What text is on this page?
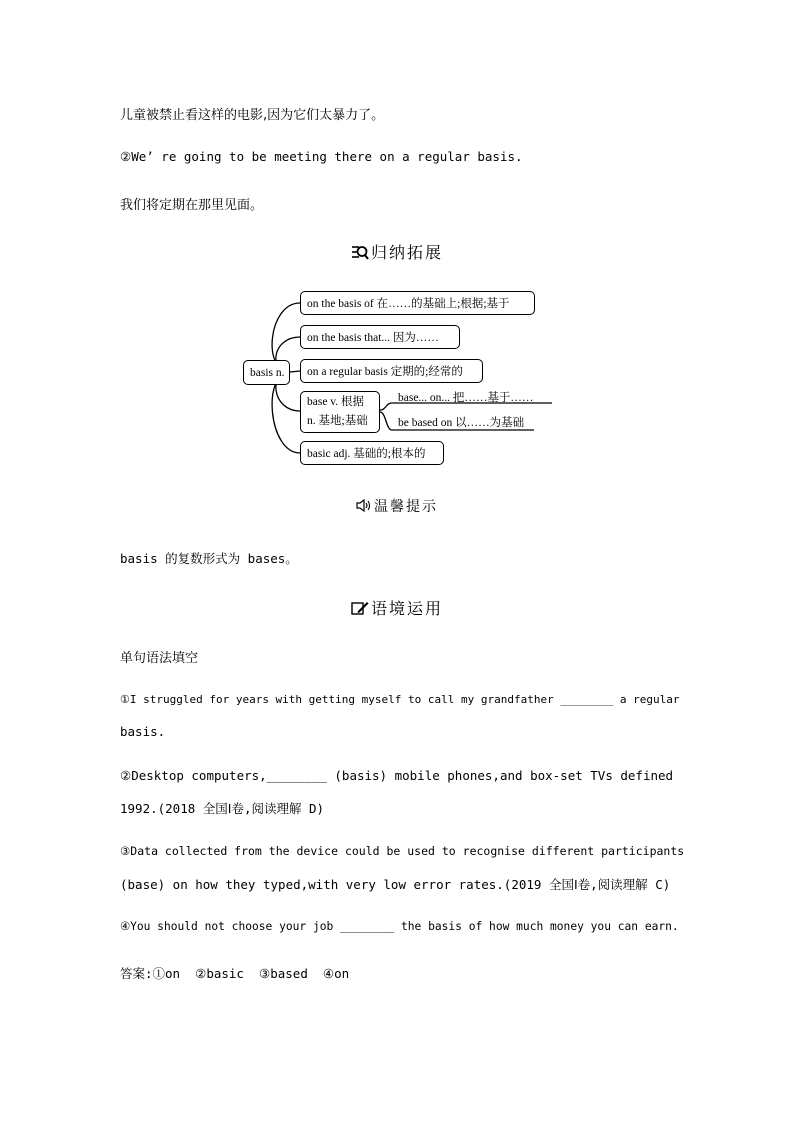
儿童被禁止看这样的电影,因为它们太暴力了。
②We’ re going to be meeting there on a regular basis.
我们将定期在那里见面。
归纳拓展
basis n.
on the basis of 在……的基础上;根据;基于
on the basis that... 因为……
on a regular basis 定期的;经常的
base v. 根据
n. 基地;基础
base... on... 把……基于……
be based on 以……为基础
basic adj. 基础的;根本的
温馨提示
basis 的复数形式为 bases。
语境运用
单句语法填空
①I struggled for years with getting myself to call my grandfather ________ a regular
basis.
②Desktop computers,________ (basis) mobile phones,and box-set TVs defined
1992.(2018 全国Ⅰ卷,阅读理解 D)
③Data collected from the device could be used to recognise different participants
(base) on how they typed,with very low error rates.(2019 全国Ⅰ卷,阅读理解 C)
④You should not choose your job ________ the basis of how much money you can earn.
答案:①on  ②basic  ③based  ④on
